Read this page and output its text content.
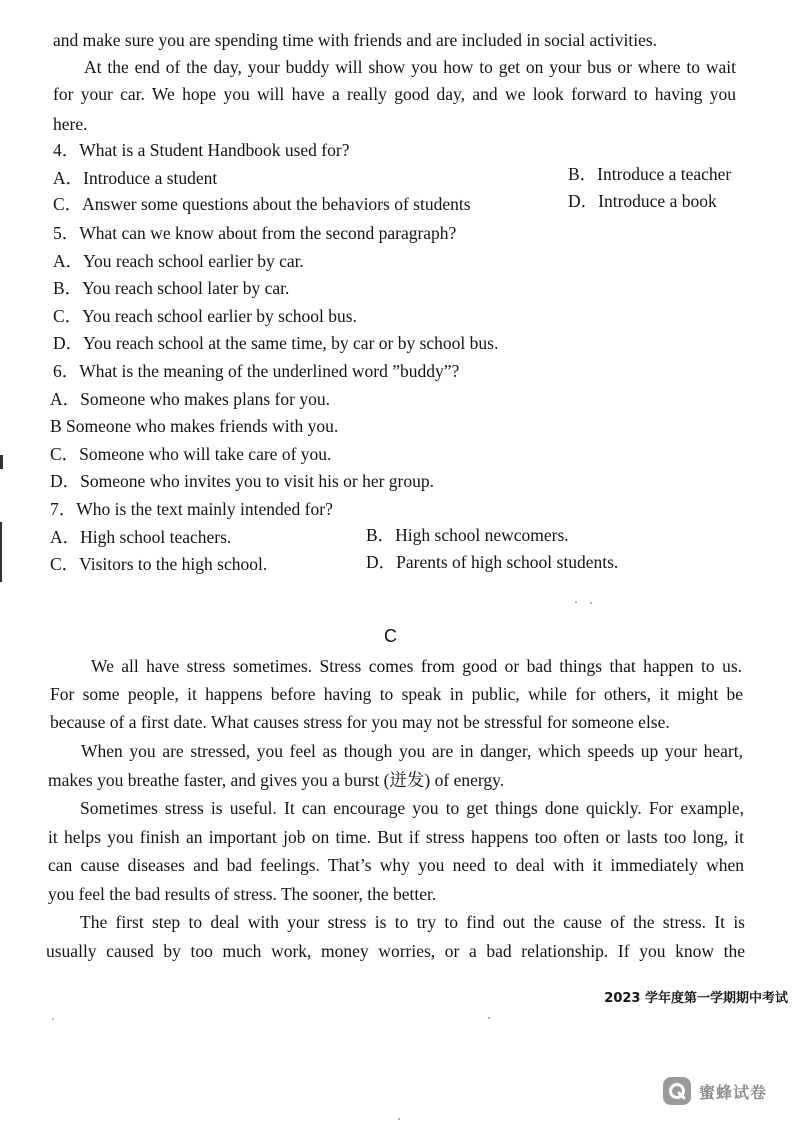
and make sure you are spending time with friends and are included in social activities.
At the end of the day, your buddy will show you how to get on your bus or where to wait
for your car. We hope you will have a really good day, and we look forward to having you
here.
4．What is a Student Handbook used for?
A．Introduce a student	B．Introduce a teacher
C．Answer some questions about the behaviors of students	D．Introduce a book
5．What can we know about from the second paragraph?
A．You reach school earlier by car.
B．You reach school later by car.
C．You reach school earlier by school bus.
D．You reach school at the same time, by car or by school bus.
6．What is the meaning of the underlined word ”buddy”?
A．Someone who makes plans for you.
B Someone who makes friends with you.
C．Someone who will take care of you.
D．Someone who invites you to visit his or her group.
7．Who is the text mainly intended for?
A．High school teachers.	B．High school newcomers.
C．Visitors to the high school.	D．Parents of high school students.
C
We all have stress sometimes. Stress comes from good or bad things that happen to us.
For some people, it happens before having to speak in public, while for others, it might be
because of a first date. What causes stress for you may not be stressful for someone else.
When you are stressed, you feel as though you are in danger, which speeds up your heart,
makes you breathe faster, and gives you a burst (迸发) of energy.
Sometimes stress is useful. It can encourage you to get things done quickly. For example,
it helps you finish an important job on time. But if stress happens too often or lasts too long, it
can cause diseases and bad feelings. That’s why you need to deal with it immediately when
you feel the bad results of stress. The sooner, the better.
The first step to deal with your stress is to try to find out the cause of the stress. It is
usually caused by too much work, money worries, or a bad relationship. If you know the
2023 学年度第一学期期中考试
蜜蜂试卷
